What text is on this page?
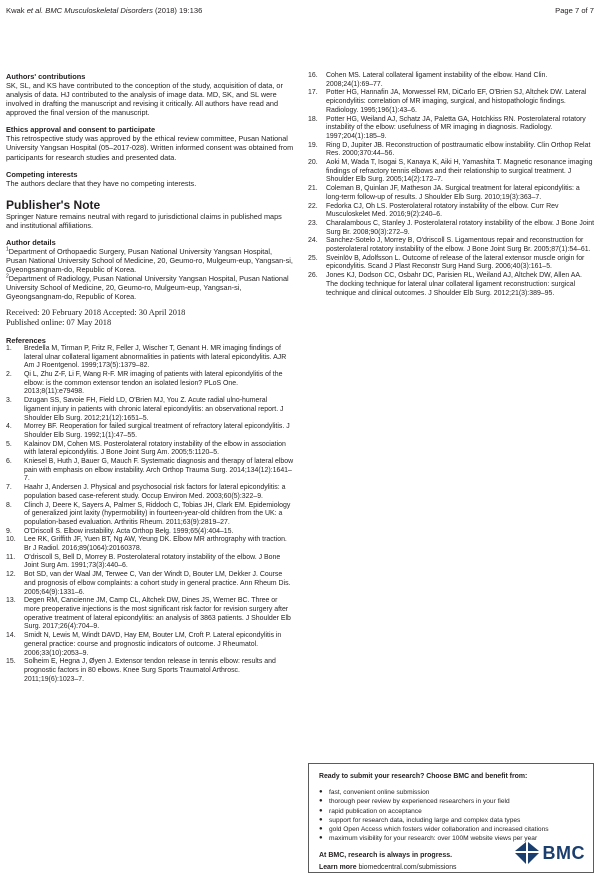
Kwak et al. BMC Musculoskeletal Disorders (2018) 19:136	Page 7 of 7
Authors' contributions
SK, SL, and KS have contributed to the conception of the study, acquisition of data, or analysis of data. HJ contributed to the analysis of image data. MD, SK, and SL were involved in drafting the manuscript and revising it critically. All authors have read and approved the final version of the manuscript.
Ethics approval and consent to participate
This retrospective study was approved by the ethical review committee, Pusan National University Yangsan Hospital (05–2017-028). Written informed consent was obtained from participants for research studies and presented data.
Competing interests
The authors declare that they have no competing interests.
Publisher's Note
Springer Nature remains neutral with regard to jurisdictional claims in published maps and institutional affiliations.
Author details
$^1$Department of Orthopaedic Surgery, Pusan National University Yangsan Hospital, Pusan National University School of Medicine, 20, Geumo-ro, Mulgeum-eup, Yangsan-si, Gyeongsangnam-do, Republic of Korea.
$^2$Department of Radiology, Pusan National University Yangsan Hospital, Pusan National University School of Medicine, 20, Geumo-ro, Mulgeum-eup, Yangsan-si, Gyeongsangnam-do, Republic of Korea.
Received: 20 February 2018 Accepted: 30 April 2018
Published online: 07 May 2018
References
1.	Bredella M, Tirman P, Fritz R, Feller J, Wischer T, Genant H. MR imaging findings of lateral ulnar collateral ligament abnormalities in patients with lateral epicondylitis. AJR Am J Roentgenol. 1999;173(5):1379–82.
2.	Qi L, Zhu Z-F, Li F, Wang R-F. MR imaging of patients with lateral epicondylitis of the elbow: is the common extensor tendon an isolated lesion? PLoS One. 2013;8(11):e79498.
3.	Dzugan SS, Savoie FH, Field LD, O'Brien MJ, You Z. Acute radial ulno-humeral ligament injury in patients with chronic lateral epicondylitis: an observational report. J Shoulder Elb Surg. 2012;21(12):1651–5.
4.	Morrey BF. Reoperation for failed surgical treatment of refractory lateral epicondylitis. J Shoulder Elb Surg. 1992;1(1):47–55.
5.	Kalainov DM, Cohen MS. Posterolateral rotatory instability of the elbow in association with lateral epicondylitis. J Bone Joint Surg Am. 2005;5:1120–5.
6.	Kniesel B, Huth J, Bauer G, Mauch F. Systematic diagnosis and therapy of lateral elbow pain with emphasis on elbow instability. Arch Orthop Trauma Surg. 2014;134(12):1641–7.
7.	Haahr J, Andersen J. Physical and psychosocial risk factors for lateral epicondylitis: a population based case-referent study. Occup Environ Med. 2003;60(5):322–9.
8.	Clinch J, Deere K, Sayers A, Palmer S, Riddoch C, Tobias JH, Clark EM. Epidemiology of generalized joint laxity (hypermobility) in fourteen-year-old children from the UK: a population-based evaluation. Arthritis Rheum. 2011;63(9):2819–27.
9.	O'Driscoll S. Elbow instability. Acta Orthop Belg. 1999;65(4):404–15.
10.	Lee RK, Griffith JF, Yuen BT, Ng AW, Yeung DK. Elbow MR arthrography with traction. Br J Radiol. 2016;89(1064):20160378.
11.	O'driscoll S, Bell D, Morrey B. Posterolateral rotatory instability of the elbow. J Bone Joint Surg Am. 1991;73(3):440–6.
12.	Bot SD, van der Waal JM, Terwee C, Van der Windt D, Bouter LM, Dekker J. Course and prognosis of elbow complaints: a cohort study in general practice. Ann Rheum Dis. 2005;64(9):1331–6.
13.	Degen RM, Cancienne JM, Camp CL, Altchek DW, Dines JS, Werner BC. Three or more preoperative injections is the most significant risk factor for revision surgery after operative treatment of lateral epicondylitis: an analysis of 3863 patients. J Shoulder Elb Surg. 2017;26(4):704–9.
14.	Smidt N, Lewis M, Windt DAVD, Hay EM, Bouter LM, Croft P. Lateral epicondylitis in general practice: course and prognostic indicators of outcome. J Rheumatol. 2006;33(10):2053–9.
15.	Solheim E, Hegna J, Øyen J. Extensor tendon release in tennis elbow: results and prognostic factors in 80 elbows. Knee Surg Sports Traumatol Arthrosc. 2011;19(6):1023–7.
16.	Cohen MS. Lateral collateral ligament instability of the elbow. Hand Clin. 2008;24(1):69–77.
17.	Potter HG, Hannafin JA, Morwessel RM, DiCarlo EF, O'Brien SJ, Altchek DW. Lateral epicondylitis: correlation of MR imaging, surgical, and histopathologic findings. Radiology. 1995;196(1):43–6.
18.	Potter HG, Weiland AJ, Schatz JA, Paletta GA, Hotchkiss RN. Posterolateral rotatory instability of the elbow: usefulness of MR imaging in diagnosis. Radiology. 1997;204(1):185–9.
19.	Ring D, Jupiter JB. Reconstruction of posttraumatic elbow instability. Clin Orthop Relat Res. 2000;370:44–56.
20.	Aoki M, Wada T, Isogai S, Kanaya K, Aiki H, Yamashita T. Magnetic resonance imaging findings of refractory tennis elbows and their relationship to surgical treatment. J Shoulder Elb Surg. 2005;14(2):172–7.
21.	Coleman B, Quinlan JF, Matheson JA. Surgical treatment for lateral epicondylitis: a long-term follow-up of results. J Shoulder Elb Surg. 2010;19(3):363–7.
22.	Fedorka CJ, Oh LS. Posterolateral rotatory instability of the elbow. Curr Rev Musculoskelet Med. 2016;9(2):240–6.
23.	Charalambous C, Stanley J. Posterolateral rotatory instability of the elbow. J Bone Joint Surg Br. 2008;90(3):272–9.
24.	Sanchez-Sotelo J, Morrey B, O'driscoll S. Ligamentous repair and reconstruction for posterolateral rotatory instability of the elbow. J Bone Joint Surg Br. 2005;87(1):54–61.
25.	Sveinlöv B, Adolfsson L. Outcome of release of the lateral extensor muscle origin for epicondylitis. Scand J Plast Reconstr Surg Hand Surg. 2006;40(3):161–5.
26.	Jones KJ, Dodson CC, Osbahr DC, Parisien RL, Weiland AJ, Altchek DW, Allen AA. The docking technique for lateral ulnar collateral ligament reconstruction: surgical technique and clinical outcomes. J Shoulder Elb Surg. 2012;21(3):389–95.
Ready to submit your research? Choose BMC and benefit from:
● fast, convenient online submission
● thorough peer review by experienced researchers in your field
● rapid publication on acceptance
● support for research data, including large and complex data types
● gold Open Access which fosters wider collaboration and increased citations
● maximum visibility for your research: over 100M website views per year
At BMC, research is always in progress.
Learn more biomedcentral.com/submissions
BMC
